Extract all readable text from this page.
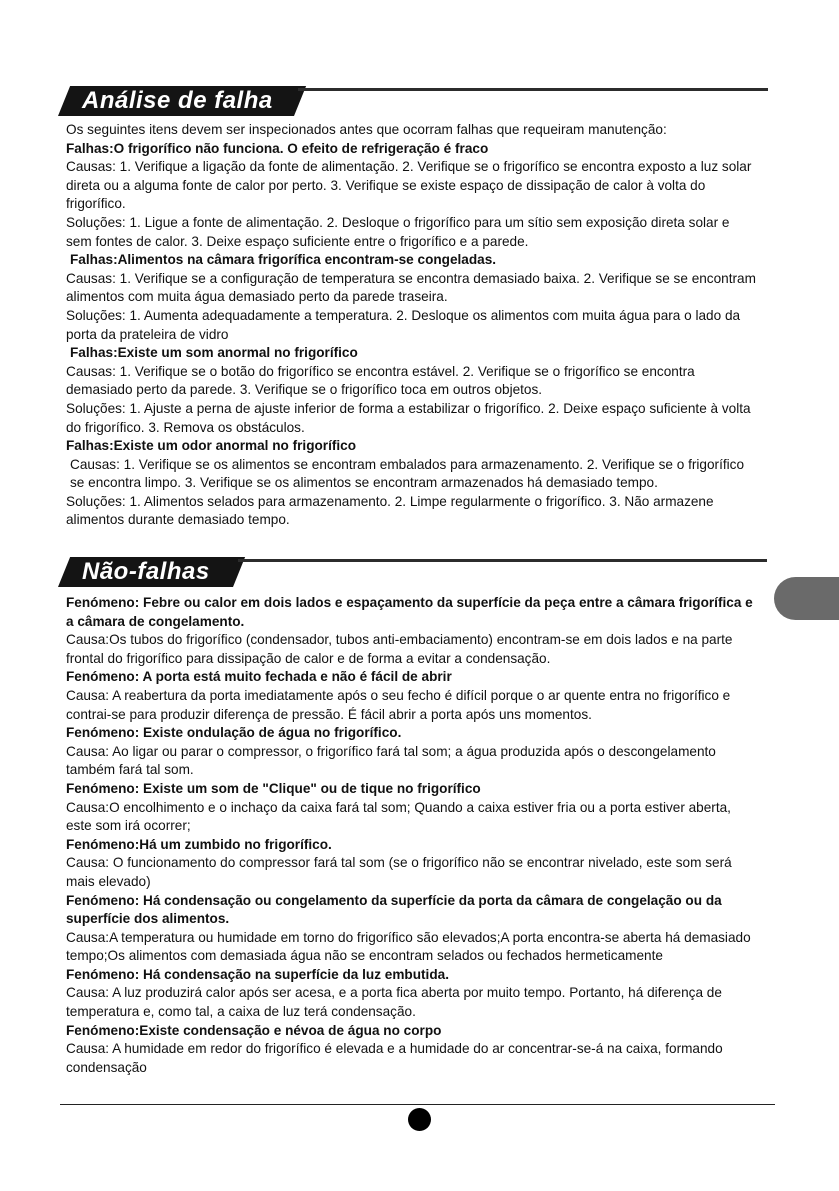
Análise de falha

Os seguintes itens devem ser inspecionados antes que ocorram falhas que requeiram manutenção:

Falhas:O frigorífico não funciona. O efeito de refrigeração é fraco

Causas: 1. Verifique a ligação da fonte de alimentação. 2. Verifique se o frigorífico se encontra exposto a luz solar direta ou a alguma fonte de calor por perto. 3. Verifique se existe espaço de dissipação de calor à volta do frigorífico.

Soluções: 1. Ligue a fonte de alimentação. 2. Desloque o frigorífico para um sítio sem exposição direta solar e sem fontes de calor. 3. Deixe espaço suficiente entre o frigorífico e a parede.

Falhas:Alimentos na câmara frigorífica encontram-se congeladas.

Causas: 1. Verifique se a configuração de temperatura se encontra demasiado baixa. 2. Verifique se se encontram alimentos com muita água demasiado perto da parede traseira.

Soluções: 1. Aumenta adequadamente a temperatura. 2. Desloque os alimentos com muita água para o lado da porta da prateleira de vidro

Falhas:Existe um som anormal no frigorífico

Causas: 1. Verifique se o botão do frigorífico se encontra estável. 2. Verifique se o frigorífico se encontra demasiado perto da parede. 3. Verifique se o frigorífico toca em outros objetos.

Soluções: 1. Ajuste a perna de ajuste inferior de forma a estabilizar o frigorífico. 2. Deixe espaço suficiente à volta do frigorífico. 3. Remova os obstáculos.

Falhas:Existe um odor anormal no frigorífico

Causas: 1. Verifique se os alimentos se encontram embalados para armazenamento. 2. Verifique se o frigorífico se encontra limpo. 3. Verifique se os alimentos se encontram armazenados há demasiado tempo.

Soluções: 1. Alimentos selados para armazenamento. 2. Limpe regularmente o frigorífico. 3. Não armazene alimentos durante demasiado tempo.

Não-falhas

Fenómeno: Febre ou calor em dois lados e espaçamento da superfície da peça entre a câmara frigorífica e a câmara de congelamento.

Causa:Os tubos do frigorífico (condensador, tubos anti-embaciamento) encontram-se em dois lados e na parte frontal do frigorífico para dissipação de calor e de forma a evitar a condensação.

Fenómeno: A porta está muito fechada e não é fácil de abrir

Causa: A reabertura da porta imediatamente após o seu fecho é difícil porque o ar quente entra no frigorífico e contrai-se para produzir diferença de pressão. É fácil abrir a porta após uns momentos.

Fenómeno: Existe ondulação de água no frigorífico.

Causa: Ao ligar ou parar o compressor, o frigorífico fará tal som; a água produzida após o descongelamento também fará tal som.

Fenómeno: Existe um som de "Clique" ou de tique no frigorífico

Causa:O encolhimento e o inchaço da caixa fará tal som; Quando a caixa estiver fria ou a porta estiver aberta, este som irá ocorrer;

Fenómeno:Há um zumbido no frigorífico.

Causa: O funcionamento do compressor fará tal som (se o frigorífico não se encontrar nivelado, este som será mais elevado)

Fenómeno: Há condensação ou congelamento da superfície da porta da câmara de congelação ou da superfície dos alimentos.

Causa:A temperatura ou humidade em torno do frigorífico são elevados;A porta encontra-se aberta há demasiado tempo;Os alimentos com demasiada água não se encontram selados ou fechados hermeticamente

Fenómeno: Há condensação na superfície da luz embutida.

Causa: A luz produzirá calor após ser acesa, e a porta fica aberta por muito tempo. Portanto, há diferença de temperatura e, como tal, a caixa de luz terá condensação.

Fenómeno:Existe condensação e névoa de água no corpo

Causa: A humidade em redor do frigorífico é elevada e a humidade do ar concentrar-se-á na caixa, formando condensação
